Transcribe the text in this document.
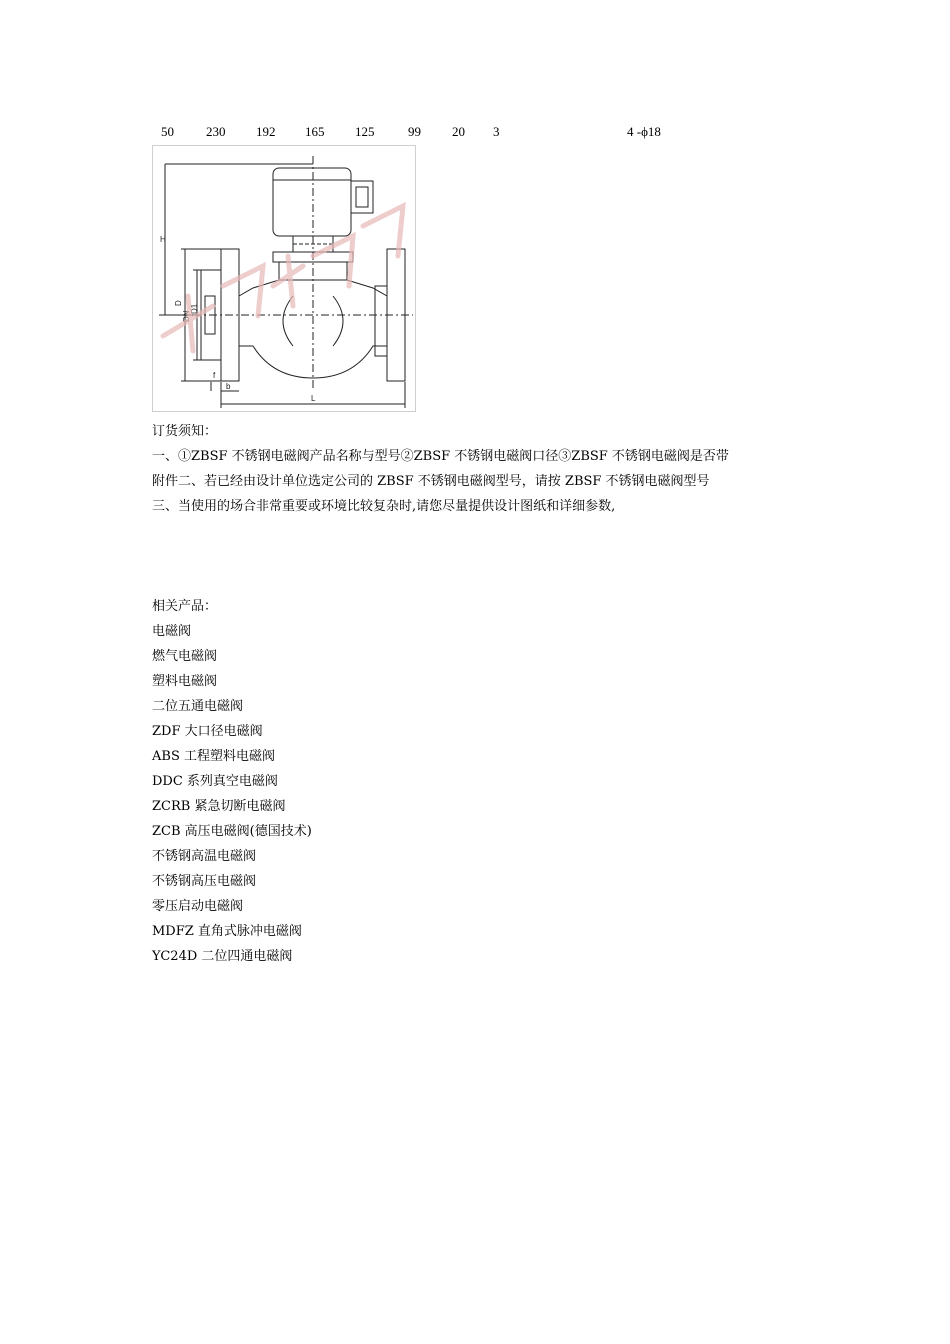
50 230 192 165 125	99 20 3	4 -ϕ18
H
L
DN
D1
D
b
f
订货须知：
一、①ZBSF 不锈钢电磁阀产品名称与型号②ZBSF 不锈钢电磁阀口径③ZBSF 不锈钢电磁阀是否带
附件二、若已经由设计单位选定公司的 ZBSF 不锈钢电磁阀型号，请按 ZBSF 不锈钢电磁阀型号
三、当使用的场合非常重要或环境比较复杂时,请您尽量提供设计图纸和详细参数,
相关产品：
电磁阀
燃气电磁阀
塑料电磁阀
二位五通电磁阀
ZDF 大口径电磁阀
ABS 工程塑料电磁阀
DDC 系列真空电磁阀
ZCRB 紧急切断电磁阀
ZCB 高压电磁阀(德国技术)
不锈钢高温电磁阀
不锈钢高压电磁阀
零压启动电磁阀
MDFZ 直角式脉冲电磁阀
YC24D 二位四通电磁阀
